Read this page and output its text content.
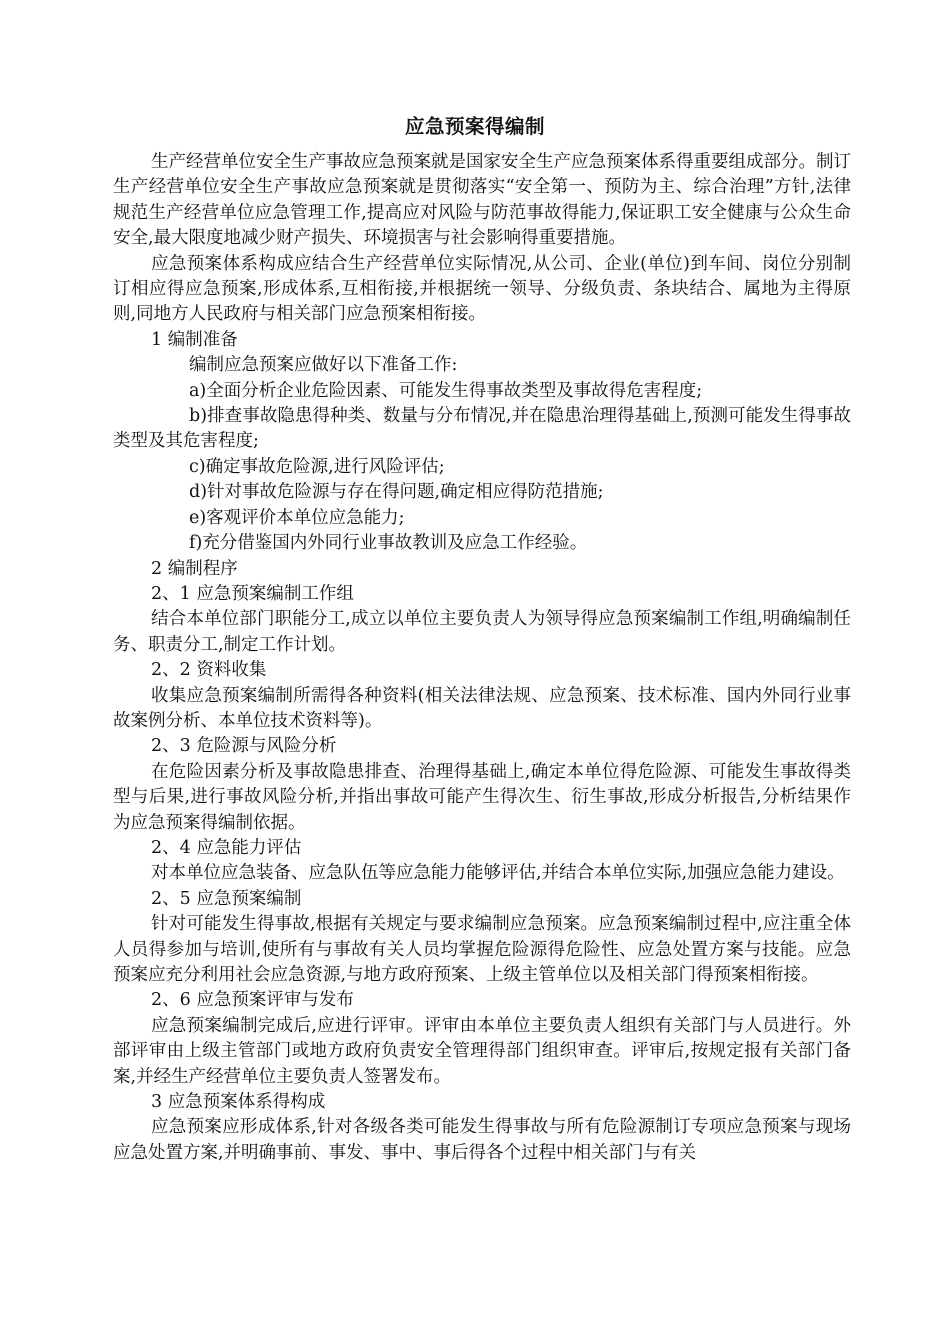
应急预案得编制

生产经营单位安全生产事故应急预案就是国家安全生产应急预案体系得重要组成部分。制订生产经营单位安全生产事故应急预案就是贯彻落实“安全第一、预防为主、综合治理”方针,法律规范生产经营单位应急管理工作,提高应对风险与防范事故得能力,保证职工安全健康与公众生命安全,最大限度地减少财产损失、环境损害与社会影响得重要措施。

应急预案体系构成应结合生产经营单位实际情况,从公司、企业(单位)到车间、岗位分别制订相应得应急预案,形成体系,互相衔接,并根据统一领导、分级负责、条块结合、属地为主得原则,同地方人民政府与相关部门应急预案相衔接。

1 编制准备

编制应急预案应做好以下准备工作:

a)全面分析企业危险因素、可能发生得事故类型及事故得危害程度;

b)排查事故隐患得种类、数量与分布情况,并在隐患治理得基础上,预测可能发生得事故类型及其危害程度;

c)确定事故危险源,进行风险评估;

d)针对事故危险源与存在得问题,确定相应得防范措施;

e)客观评价本单位应急能力;

f)充分借鉴国内外同行业事故教训及应急工作经验。

2 编制程序

2、1 应急预案编制工作组

结合本单位部门职能分工,成立以单位主要负责人为领导得应急预案编制工作组,明确编制任务、职责分工,制定工作计划。

2、2 资料收集

收集应急预案编制所需得各种资料(相关法律法规、应急预案、技术标准、国内外同行业事故案例分析、本单位技术资料等)。

2、3 危险源与风险分析

在危险因素分析及事故隐患排查、治理得基础上,确定本单位得危险源、可能发生事故得类型与后果,进行事故风险分析,并指出事故可能产生得次生、衍生事故,形成分析报告,分析结果作为应急预案得编制依据。

2、4 应急能力评估

对本单位应急装备、应急队伍等应急能力能够评估,并结合本单位实际,加强应急能力建设。

2、5 应急预案编制

针对可能发生得事故,根据有关规定与要求编制应急预案。应急预案编制过程中,应注重全体人员得参加与培训,使所有与事故有关人员均掌握危险源得危险性、应急处置方案与技能。应急预案应充分利用社会应急资源,与地方政府预案、上级主管单位以及相关部门得预案相衔接。

2、6 应急预案评审与发布

应急预案编制完成后,应进行评审。评审由本单位主要负责人组织有关部门与人员进行。外部评审由上级主管部门或地方政府负责安全管理得部门组织审查。评审后,按规定报有关部门备案,并经生产经营单位主要负责人签署发布。

3 应急预案体系得构成

应急预案应形成体系,针对各级各类可能发生得事故与所有危险源制订专项应急预案与现场应急处置方案,并明确事前、事发、事中、事后得各个过程中相关部门与有关
